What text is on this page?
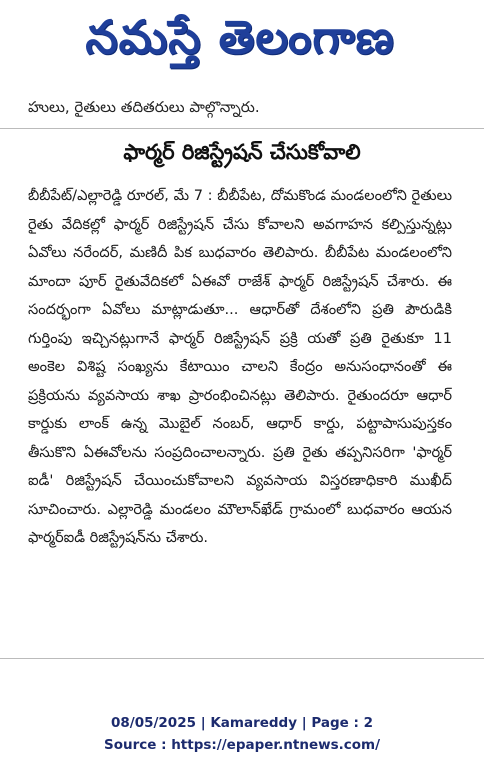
నమస్తే తెలంగాణ
హులు, రైతులు తదితరులు పాల్గొన్నారు.
ఫార్మర్ రిజిస్ట్రేషన్ చేసుకోవాలి

బీబీపేట్/ఎల్లారెడ్డి రూరల్, మే 7 : బీబీపేట, దోమకొండ మండలంలోని రైతులు రైతు వేదికల్లో ఫార్మర్ రిజిస్ట్రేషన్ చేసు కోవాలని అవగాహన కల్పిస్తున్నట్లు ఏవోలు నరేందర్, మణిదీ పిక బుధవారం తెలిపారు. బీబీపేట మండలంలోని మాందా పూర్ రైతువేదికలో ఏఈవో రాజేశ్ ఫార్మర్ రిజిస్ట్రేషన్ చేశారు. ఈ సందర్భంగా ఏవోలు మాట్లాడుతూ... ఆధార్‌తో దేశంలోని ప్రతి పౌరుడికి గుర్తింపు ఇచ్చినట్లుగానే ఫార్మర్ రిజిస్ట్రేషన్ ప్రక్రి యతో ప్రతి రైతుకూ 11 అంకెల విశిష్ట సంఖ్యను కేటాయిం చాలని కేంద్రం అనుసంధానంతో ఈ ప్రక్రియను వ్యవసాయ శాఖ ప్రారంభించినట్లు తెలిపారు. రైతుందరూ ఆధార్ కార్డుకు లాంక్ ఉన్న మొబైల్ నంబర్, ఆధార్ కార్డు, పట్టాపాసుపుస్తకం తీసుకొని ఏఈవోలను సంప్రదించాలన్నారు. ప్రతి రైతు తప్పనిసరిగా 'ఫార్మర్ ఐడీ' రిజిస్ట్రేషన్ చేయించుకోవాలని వ్యవసాయ విస్తరణాధికారి ముఖీద్ సూచించారు. ఎల్లారెడ్డి మండలం మౌలాన్‌ఖేడ్ గ్రామంలో బుధవారం ఆయన ఫార్మర్‌ఐడీ రిజిస్ట్రేషన్‌ను చేశారు.

08/05/2025 | Kamareddy | Page : 2
Source : https://epaper.ntnews.com/
